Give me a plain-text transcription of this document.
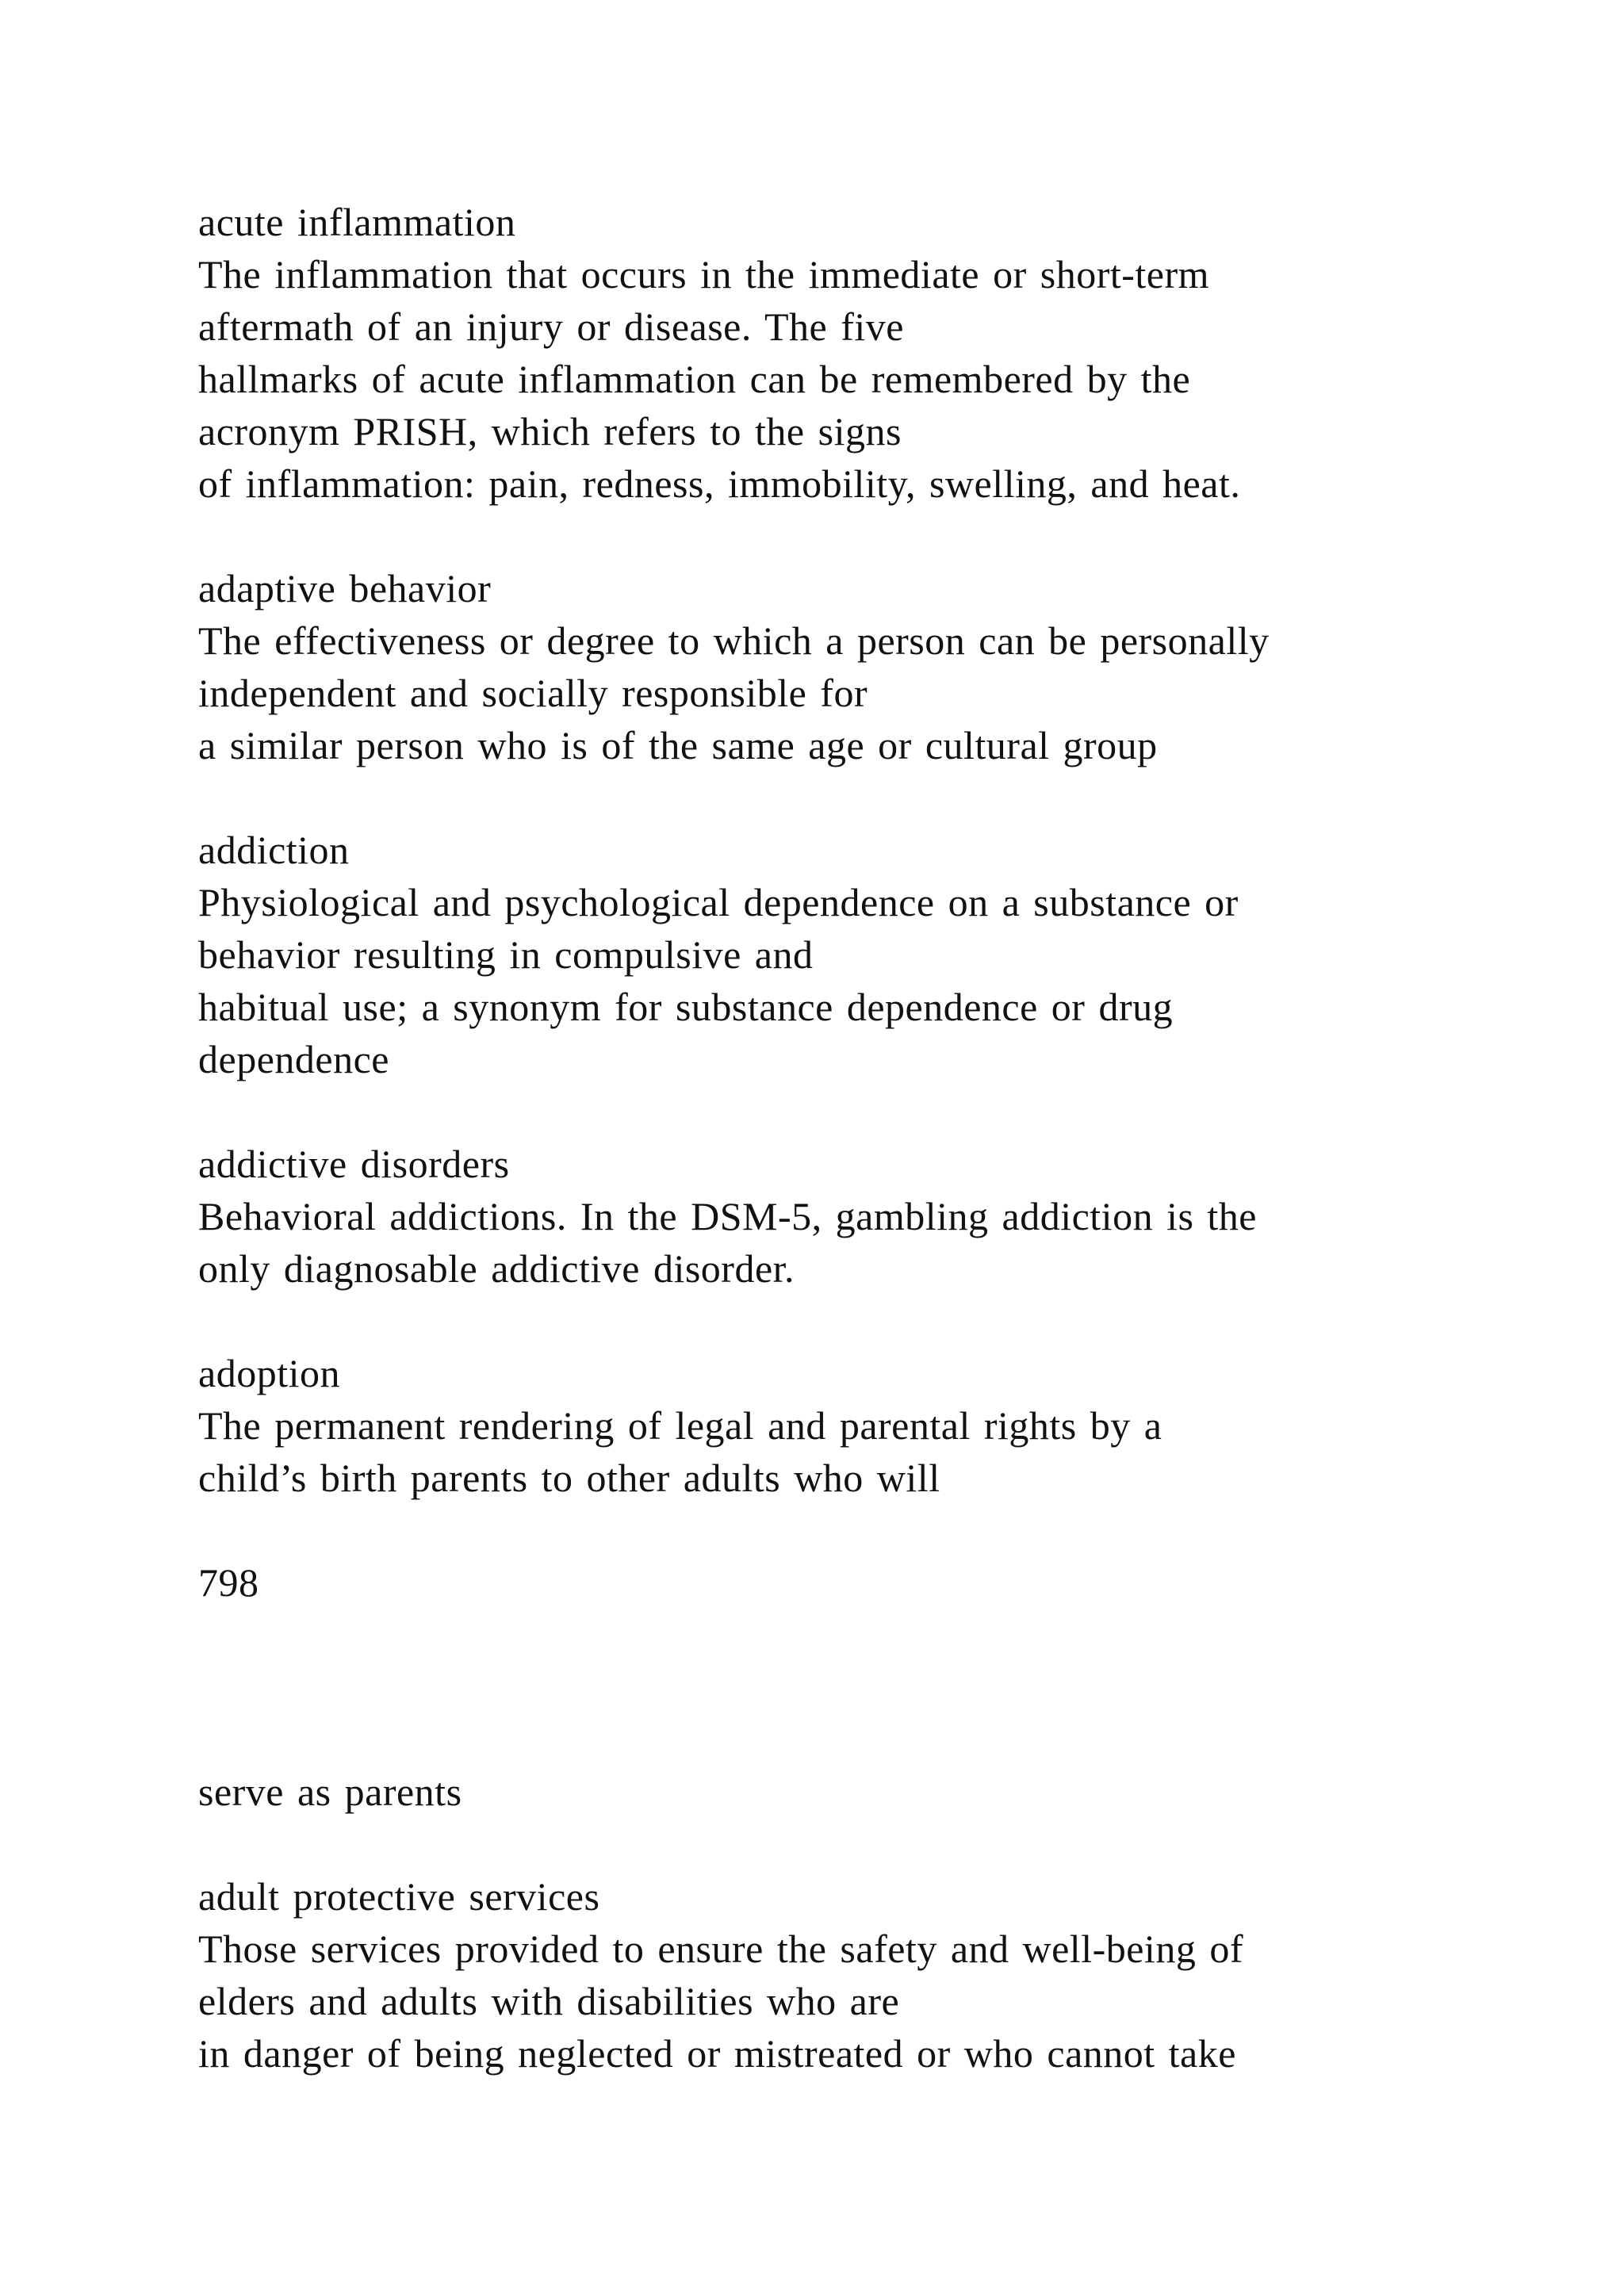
acute inflammation
The inflammation that occurs in the immediate or short-term
aftermath of an injury or disease. The five
hallmarks of acute inflammation can be remembered by the
acronym PRISH, which refers to the signs
of inflammation: pain, redness, immobility, swelling, and heat.
adaptive behavior
The effectiveness or degree to which a person can be personally
independent and socially responsible for
a similar person who is of the same age or cultural group
addiction
Physiological and psychological dependence on a substance or
behavior resulting in compulsive and
habitual use; a synonym for substance dependence or drug
dependence
addictive disorders
Behavioral addictions. In the DSM-5, gambling addiction is the
only diagnosable addictive disorder.
adoption
The permanent rendering of legal and parental rights by a
child’s birth parents to other adults who will
798
serve as parents
adult protective services
Those services provided to ensure the safety and well-being of
elders and adults with disabilities who are
in danger of being neglected or mistreated or who cannot take
